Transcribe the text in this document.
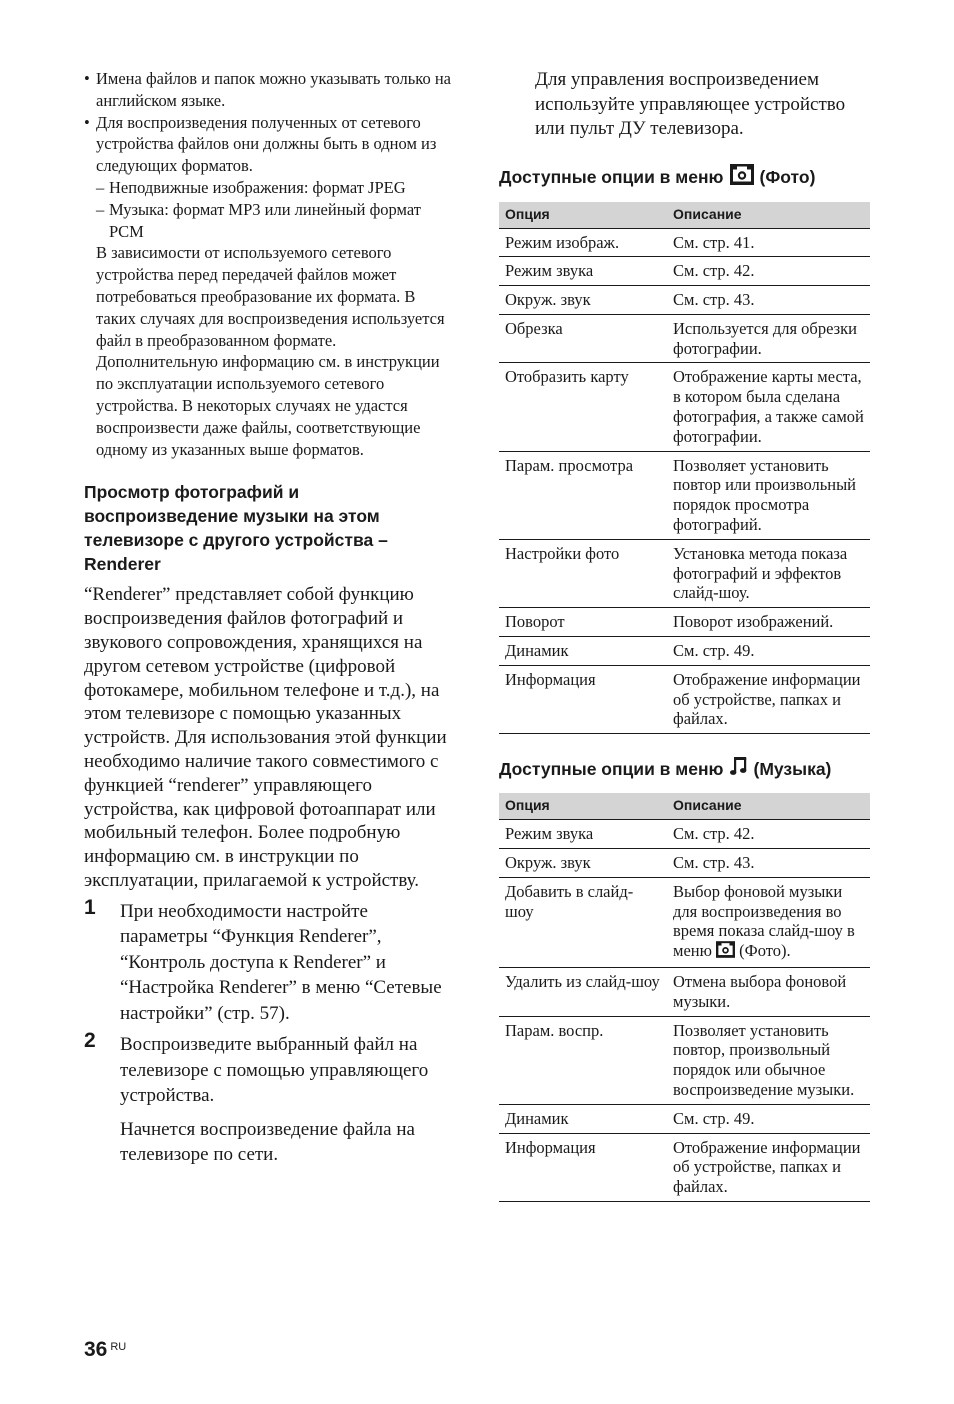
• Имена файлов и папок можно указывать только на английском языке.
• Для воспроизведения полученных от сетевого устройства файлов они должны быть в одном из следующих форматов.
– Неподвижные изображения: формат JPEG
– Музыка: формат MP3 или линейный формат PCM

В зависимости от используемого сетевого устройства перед передачей файлов может потребоваться преобразование их формата. В таких случаях для воспроизведения используется файл в преобразованном формате. Дополнительную информацию см. в инструкции по эксплуатации используемого сетевого устройства. В некоторых случаях не удастся воспроизвести даже файлы, соответствующие одному из указанных выше форматов.

Просмотр фотографий и воспроизведение музыки на этом телевизоре с другого устройства – Renderer

“Renderer” представляет собой функцию воспроизведения файлов фотографий и звукового сопровождения, хранящихся на другом сетевом устройстве (цифровой фотокамере, мобильном телефоне и т.д.), на этом телевизоре с помощью указанных устройств. Для использования этой функции необходимо наличие такого совместимого с функцией “renderer” управляющего устройства, как цифровой фотоаппарат или мобильный телефон. Более подробную информацию см. в инструкции по эксплуатации, прилагаемой к устройству.

1 При необходимости настройте параметры “Функция Renderer”, “Контроль доступа к Renderer” и “Настройка Renderer” в меню “Сетевые настройки” (стр. 57).

2 Воспроизведите выбранный файл на телевизоре с помощью управляющего устройства.

Начнется воспроизведение файла на телевизоре по сети.

Для управления воспроизведением используйте управляющее устройство или пульт ДУ телевизора.

Доступные опции в меню (Фото)
Опция	Описание
Режим изображ.	См. стр. 41.
Режим звука	См. стр. 42.
Окруж. звук	См. стр. 43.
Обрезка	Используется для обрезки фотографии.
Отобразить карту	Отображение карты места, в котором была сделана фотография, а также самой фотографии.
Парам. просмотра	Позволяет установить повтор или произвольный порядок просмотра фотографий.
Настройки фото	Установка метода показа фотографий и эффектов слайд-шоу.
Поворот	Поворот изображений.
Динамик	См. стр. 49.
Информация	Отображение информации об устройстве, папках и файлах.
Доступные опции в меню (Музыка)
Опция	Описание
Режим звука	См. стр. 42.
Окруж. звук	См. стр. 43.
Добавить в слайд-шоу	Выбор фоновой музыки для воспроизведения во время показа слайд-шоу в меню (Фото).
Удалить из слайд-шоу	Отмена выбора фоновой музыки.
Парам. воспр.	Позволяет установить повтор, произвольный порядок или обычное воспроизведение музыки.
Динамик	См. стр. 49.
Информация	Отображение информации об устройстве, папках и файлах.
36 $^{RU}$
